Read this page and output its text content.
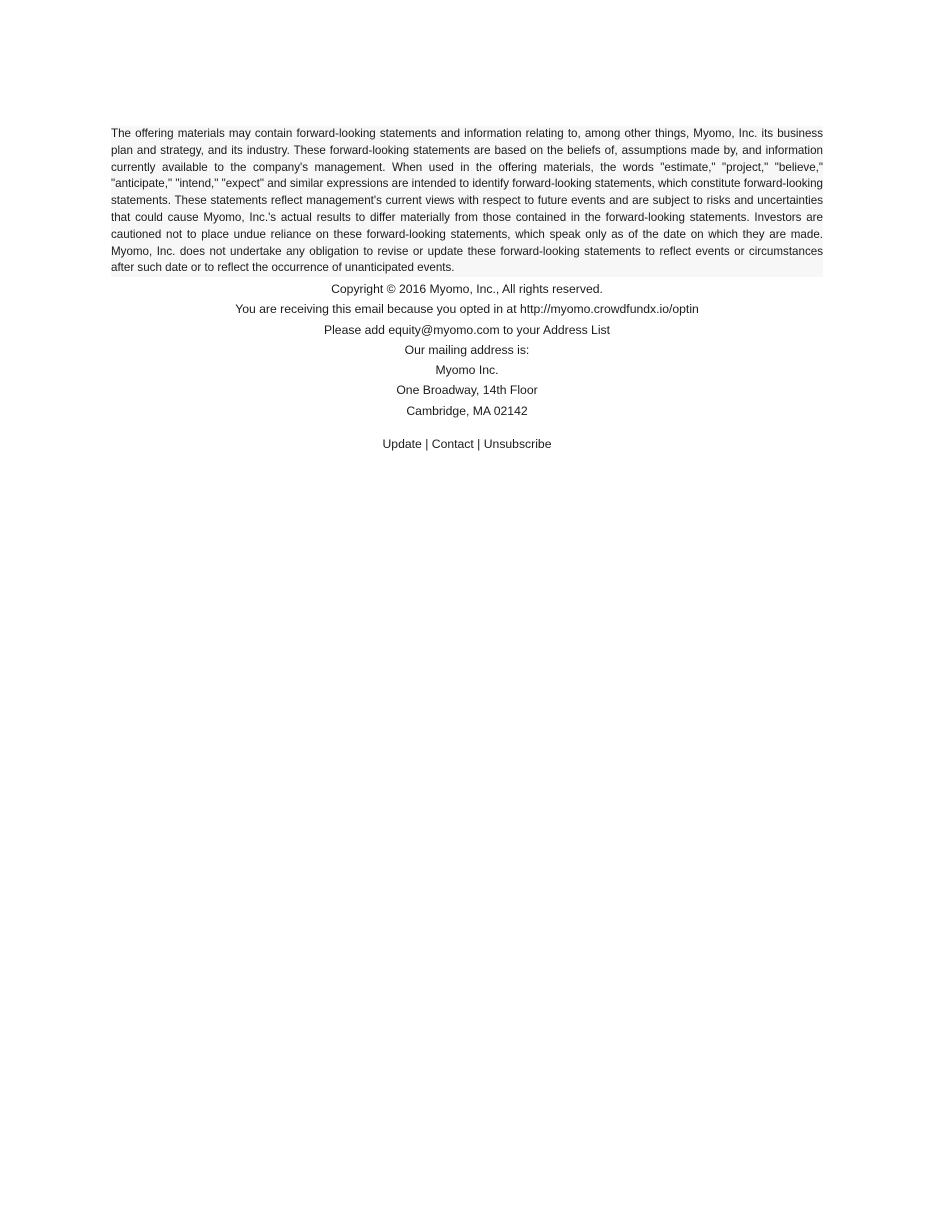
The offering materials may contain forward-looking statements and information relating to, among other things, Myomo, Inc. its business plan and strategy, and its industry. These forward-looking statements are based on the beliefs of, assumptions made by, and information currently available to the company's management. When used in the offering materials, the words "estimate," "project," "believe," "anticipate," "intend," "expect" and similar expressions are intended to identify forward-looking statements, which constitute forward-looking statements. These statements reflect management's current views with respect to future events and are subject to risks and uncertainties that could cause Myomo, Inc.'s actual results to differ materially from those contained in the forward-looking statements. Investors are cautioned not to place undue reliance on these forward-looking statements, which speak only as of the date on which they are made. Myomo, Inc. does not undertake any obligation to revise or update these forward-looking statements to reflect events or circumstances after such date or to reflect the occurrence of unanticipated events.

Copyright © 2016 Myomo, Inc., All rights reserved.
You are receiving this email because you opted in at http://myomo.crowdfundx.io/optin
Please add equity@myomo.com to your Address List
Our mailing address is:
Myomo Inc.
One Broadway, 14th Floor
Cambridge, MA 02142
Update | Contact | Unsubscribe
